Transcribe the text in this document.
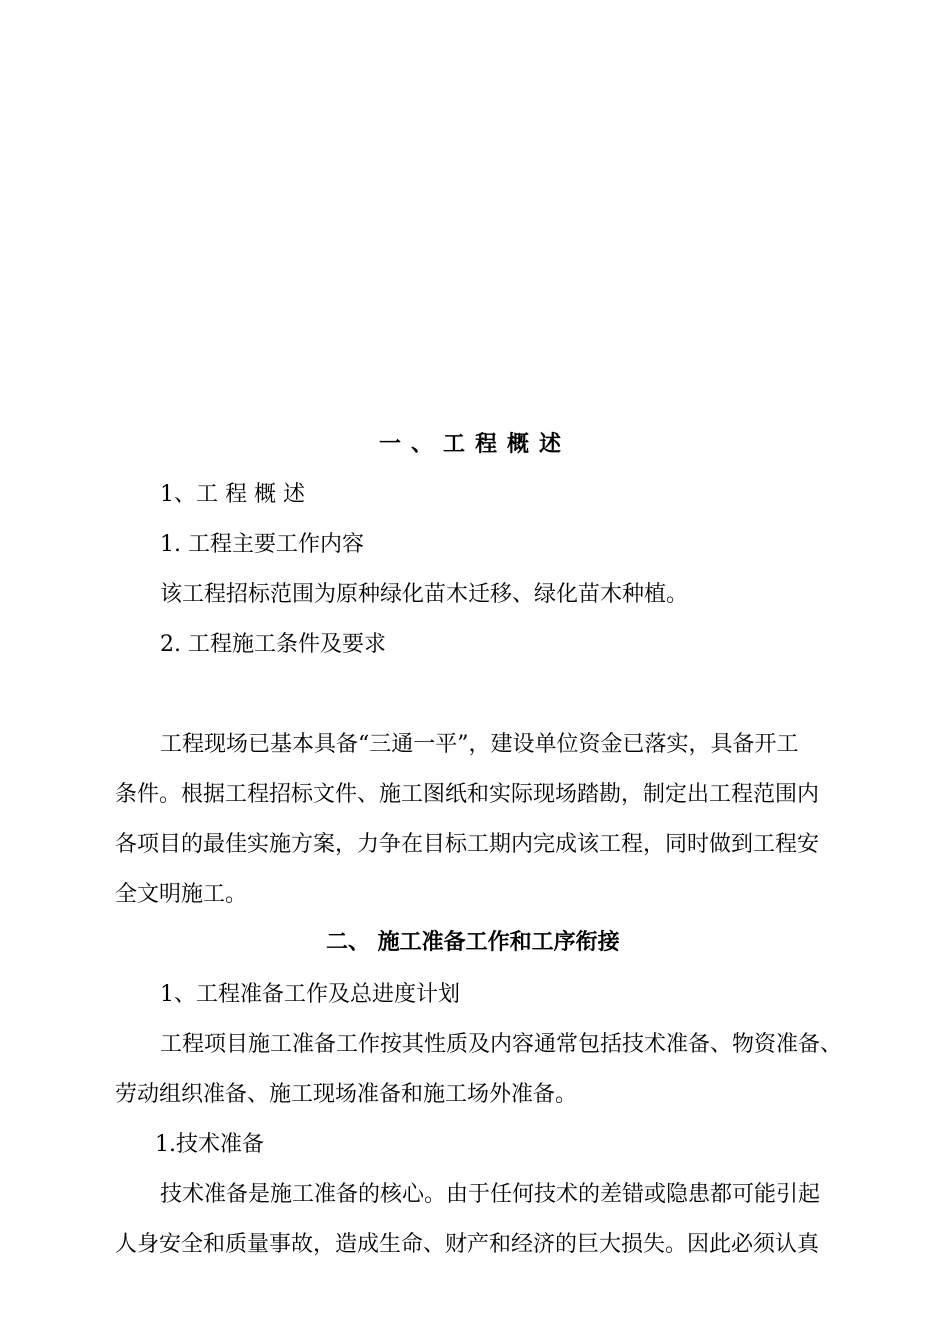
一、工程概述
1、工 程 概 述
1. 工程主要工作内容
该工程招标范围为原种绿化苗木迁移、绿化苗木种植。
2. 工程施工条件及要求
工程现场已基本具备“三通一平”，建设单位资金已落实，具备开工
条件。根据工程招标文件、施工图纸和实际现场踏勘，制定出工程范围内
各项目的最佳实施方案，力争在目标工期内完成该工程，同时做到工程安
全文明施工。
二、 施工准备工作和工序衔接
1、工程准备工作及总进度计划
工程项目施工准备工作按其性质及内容通常包括技术准备、物资准备、
劳动组织准备、施工现场准备和施工场外准备。
1.技术准备
技术准备是施工准备的核心。由于任何技术的差错或隐患都可能引起
人身安全和质量事故，造成生命、财产和经济的巨大损失。因此必须认真
